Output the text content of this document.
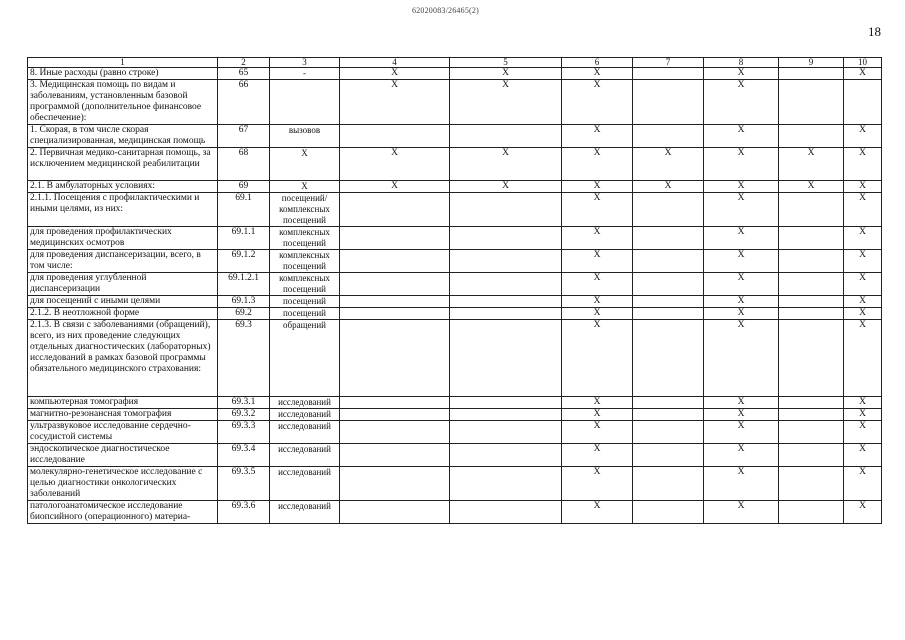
62020083/26465(2)
18
1	2	3	4	5	6	7	8	9	10
8. Иные расходы (равно строке)	65	-	X	X	X		X		X
3. Медицинская помощь по видам и заболеваниям, установленным базовой программой (дополнительное финансовое обеспечение):	66		X	X	X		X		
1. Скорая, в том числе скорая специализированная, медицинская помощь	67	вызовов			X		X		X
2. Первичная медико-санитарная помощь, за исключением медицинской реабилитации	68	X	X	X	X	X	X	X	X
2.1. В амбулаторных условиях:	69	X	X	X	X	X	X	X	X
2.1.1. Посещения с профилактическими и иными целями, из них:	69.1	посещений/ комплексных посещений			X		X		X
для проведения профилактических медицинских осмотров	69.1.1	комплексных посещений			X		X		X
для проведения диспансеризации, всего, в том числе:	69.1.2	комплексных посещений			X		X		X
для проведения углубленной диспансеризации	69.1.2.1	комплексных посещений			X		X		X
для посещений с иными целями	69.1.3	посещений			X		X		X
2.1.2. В неотложной форме	69.2	посещений			X		X		X
2.1.3. В связи с заболеваниями (обращений), всего, из них проведение следующих отдельных диагностических (лабораторных) исследований в рамках базовой программы обязательного медицинского страхования:	69.3	обращений			X		X		X
компьютерная томография	69.3.1	исследований			X		X		X
магнитно-резонансная томография	69.3.2	исследований			X		X		X
ультразвуковое исследование сердечно-сосудистой системы	69.3.3	исследований			X		X		X
эндоскопическое диагностическое исследование	69.3.4	исследований			X		X		X
молекулярно-генетическое исследование с целью диагностики онкологических заболеваний	69.3.5	исследований			X		X		X
патологоанатомическое исследование биопсийного (операционного) материа-	69.3.6	исследований			X		X		X
